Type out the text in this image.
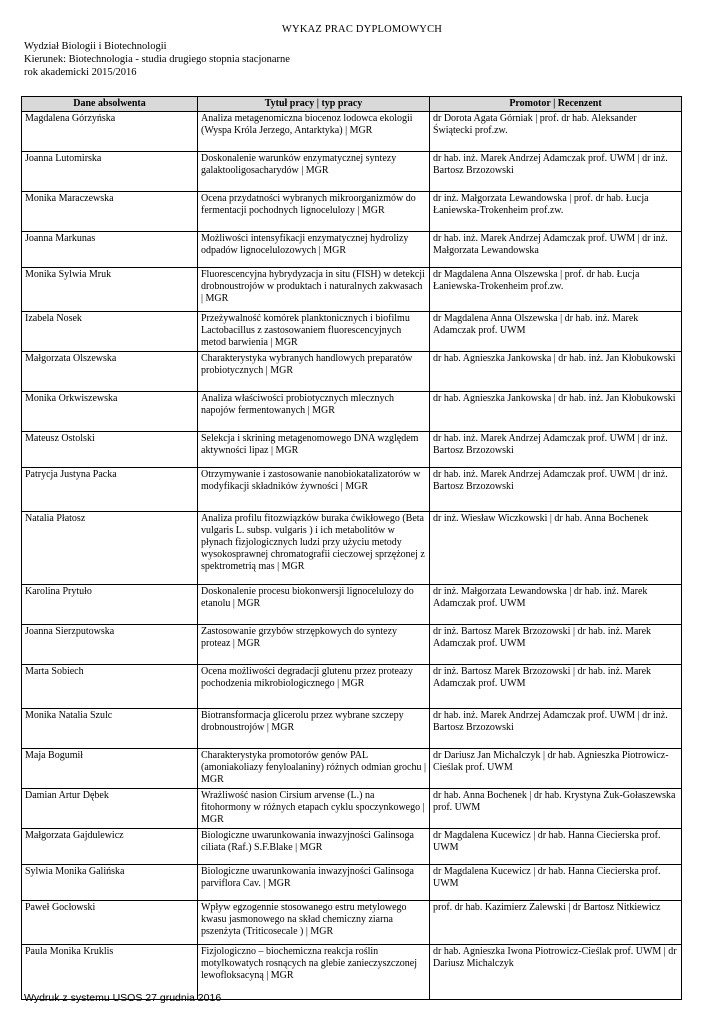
WYKAZ PRAC DYPLOMOWYCH
Wydział Biologii i Biotechnologii
Kierunek: Biotechnologia - studia drugiego stopnia stacjonarne
rok akademicki 2015/2016
Dane absolwenta	Tytuł pracy | typ pracy	Promotor | Recenzent

Magdalena Górzyńska	Analiza metagenomiczna biocenoz lodowca ekologii (Wyspa Króla Jerzego, Antarktyka) | MGR	dr Dorota Agata Górniak | prof. dr hab. Aleksander Świątecki prof.zw.

Joanna Lutomirska	Doskonalenie warunków enzymatycznej syntezy galaktooligosacharydów | MGR	dr hab. inż. Marek Andrzej Adamczak prof. UWM | dr inż. Bartosz Brzozowski

Monika Maraczewska	Ocena przydatności wybranych mikroorganizmów do fermentacji pochodnych lignocelulozy | MGR	dr inż. Małgorzata Lewandowska | prof. dr hab. Łucja Łaniewska-Trokenheim prof.zw.

Joanna Markunas	Możliwości intensyfikacji enzymatycznej hydrolizy odpadów lignocelulozowych | MGR	dr hab. inż. Marek Andrzej Adamczak prof. UWM | dr inż. Małgorzata Lewandowska

Monika Sylwia Mruk	Fluorescencyjna hybrydyzacja in situ (FISH) w detekcji drobnoustrojów w produktach i naturalnych zakwasach | MGR	dr Magdalena Anna Olszewska | prof. dr hab. Łucja Łaniewska-Trokenheim prof.zw.

Izabela Nosek	Przeżywalność komórek planktonicznych i biofilmu Lactobacillus z zastosowaniem fluorescencyjnych metod barwienia | MGR	dr Magdalena Anna Olszewska | dr hab. inż. Marek Adamczak prof. UWM

Małgorzata Olszewska	Charakterystyka wybranych handlowych preparatów probiotycznych | MGR	dr hab. Agnieszka Jankowska | dr hab. inż. Jan Kłobukowski

Monika Orkwiszewska	Analiza właściwości probiotycznych mlecznych napojów fermentowanych | MGR	dr hab. Agnieszka Jankowska | dr hab. inż. Jan Kłobukowski

Mateusz Ostolski	Selekcja i skrining metagenomowego DNA względem aktywności lipaz | MGR	dr hab. inż. Marek Andrzej Adamczak prof. UWM | dr inż. Bartosz Brzozowski

Patrycja Justyna Packa	Otrzymywanie i zastosowanie nanobiokatalizatorów w modyfikacji składników żywności | MGR	dr hab. inż. Marek Andrzej Adamczak prof. UWM | dr inż. Bartosz Brzozowski

Natalia Płatosz	Analiza profilu fitozwiązków buraka ćwikłowego (Beta vulgaris L. subsp. vulgaris ) i ich metabolitów w płynach fizjologicznych ludzi przy użyciu metody wysokosprawnej chromatografii cieczowej sprzężonej z spektrometrią mas | MGR	dr inż. Wiesław Wiczkowski | dr hab. Anna Bochenek

Karolina Prytuło	Doskonalenie procesu biokonwersji lignocelulozy do etanolu | MGR	dr inż. Małgorzata Lewandowska | dr hab. inż. Marek Adamczak prof. UWM

Joanna Sierzputowska	Zastosowanie grzybów strzępkowych do syntezy proteaz | MGR	dr inż. Bartosz Marek Brzozowski | dr hab. inż. Marek Adamczak prof. UWM

Marta Sobiech	Ocena możliwości degradacji glutenu przez proteazy pochodzenia mikrobiologicznego | MGR	dr inż. Bartosz Marek Brzozowski | dr hab. inż. Marek Adamczak prof. UWM

Monika Natalia Szulc	Biotransformacja glicerolu przez wybrane szczepy drobnoustrojów | MGR	dr hab. inż. Marek Andrzej Adamczak prof. UWM | dr inż. Bartosz Brzozowski

Maja Bogumił	Charakterystyka promotorów genów PAL (amoniakoliazy fenyloalaniny) różnych odmian grochu | MGR	dr Dariusz Jan Michalczyk | dr hab. Agnieszka Piotrowicz-Cieślak prof. UWM

Damian Artur Dębek	Wrażliwość nasion Cirsium arvense (L.) na fitohormony w różnych etapach cyklu spoczynkowego | MGR	dr hab. Anna Bochenek | dr hab. Krystyna Żuk-Gołaszewska prof. UWM

Małgorzata Gajdulewicz	Biologiczne uwarunkowania inwazyjności Galinsoga ciliata (Raf.) S.F.Blake | MGR	dr Magdalena Kucewicz | dr hab. Hanna Ciecierska prof. UWM

Sylwia Monika Galińska	Biologiczne uwarunkowania inwazyjności Galinsoga parviflora Cav. | MGR	dr Magdalena Kucewicz | dr hab. Hanna Ciecierska prof. UWM

Paweł Gocłowski	Wpływ egzogennie stosowanego estru metylowego kwasu jasmonowego na skład chemiczny ziarna pszenżyta (Triticosecale ) | MGR	prof. dr hab. Kazimierz Zalewski | dr Bartosz Nitkiewicz

Paula Monika Kruklis	Fizjologiczno – biochemiczna reakcja roślin motylkowatych rosnących na glebie zanieczyszczonej lewofloksacyną | MGR	dr hab. Agnieszka Iwona Piotrowicz-Cieślak prof. UWM | dr Dariusz Michalczyk
Wydruk z systemu USOS 27 grudnia 2016
